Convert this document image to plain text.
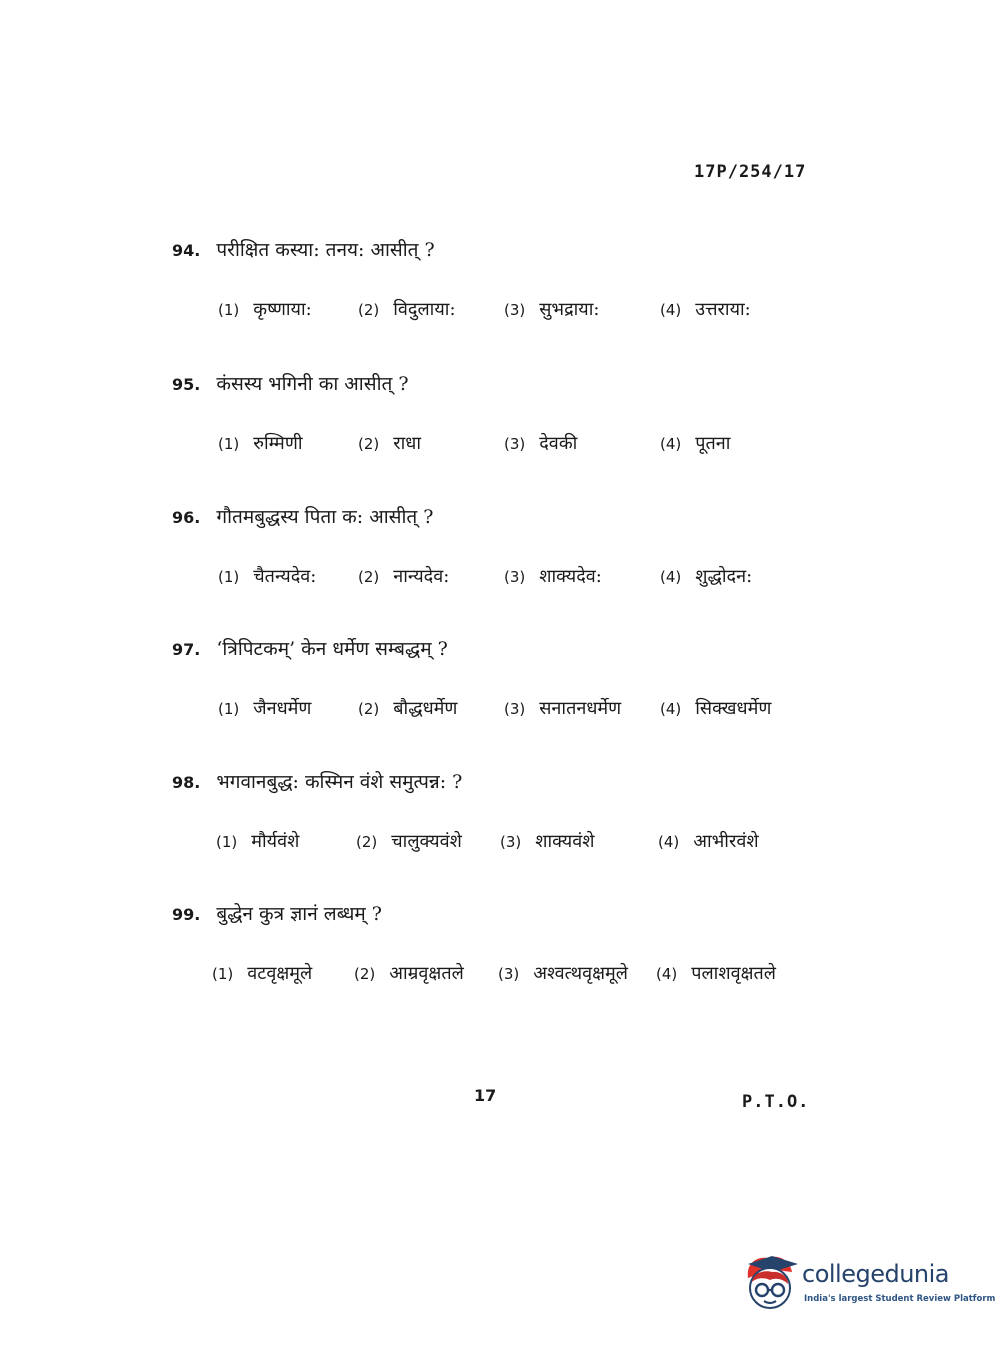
17P/254/17
94. परीक्षित कस्या: तनय: आसीत् ?
(1) कृष्णाया:	(2) विदुलाया:	(3) सुभद्राया:	(4) उत्तराया:
95. कंसस्य भगिनी का आसीत् ?
(1) रुम्मिणी	(2) राधा	(3) देवकी	(4) पूतना
96. गौतमबुद्धस्य पिता क: आसीत् ?
(1) चैतन्यदेव:	(2) नान्यदेव:	(3) शाक्यदेव:	(4) शुद्धोदन:
97. ‘त्रिपिटकम्’ केन धर्मेण सम्बद्धम् ?
(1) जैनधर्मेण	(2) बौद्धधर्मेण	(3) सनातनधर्मेण	(4) सिक्खधर्मेण
98. भगवानबुद्ध: कस्मिन वंशे समुत्पन्न: ?
(1) मौर्यवंशे	(2) चालुक्यवंशे	(3) शाक्यवंशे	(4) आभीरवंशे
99. बुद्धेन कुत्र ज्ञानं लब्धम् ?
(1) वटवृक्षमूले	(2) आम्रवृक्षतले (3) अश्वत्थवृक्षमूले (4) पलाशवृक्षतले
17	P.T.O.
collegedunia
India's largest Student Review Platform
